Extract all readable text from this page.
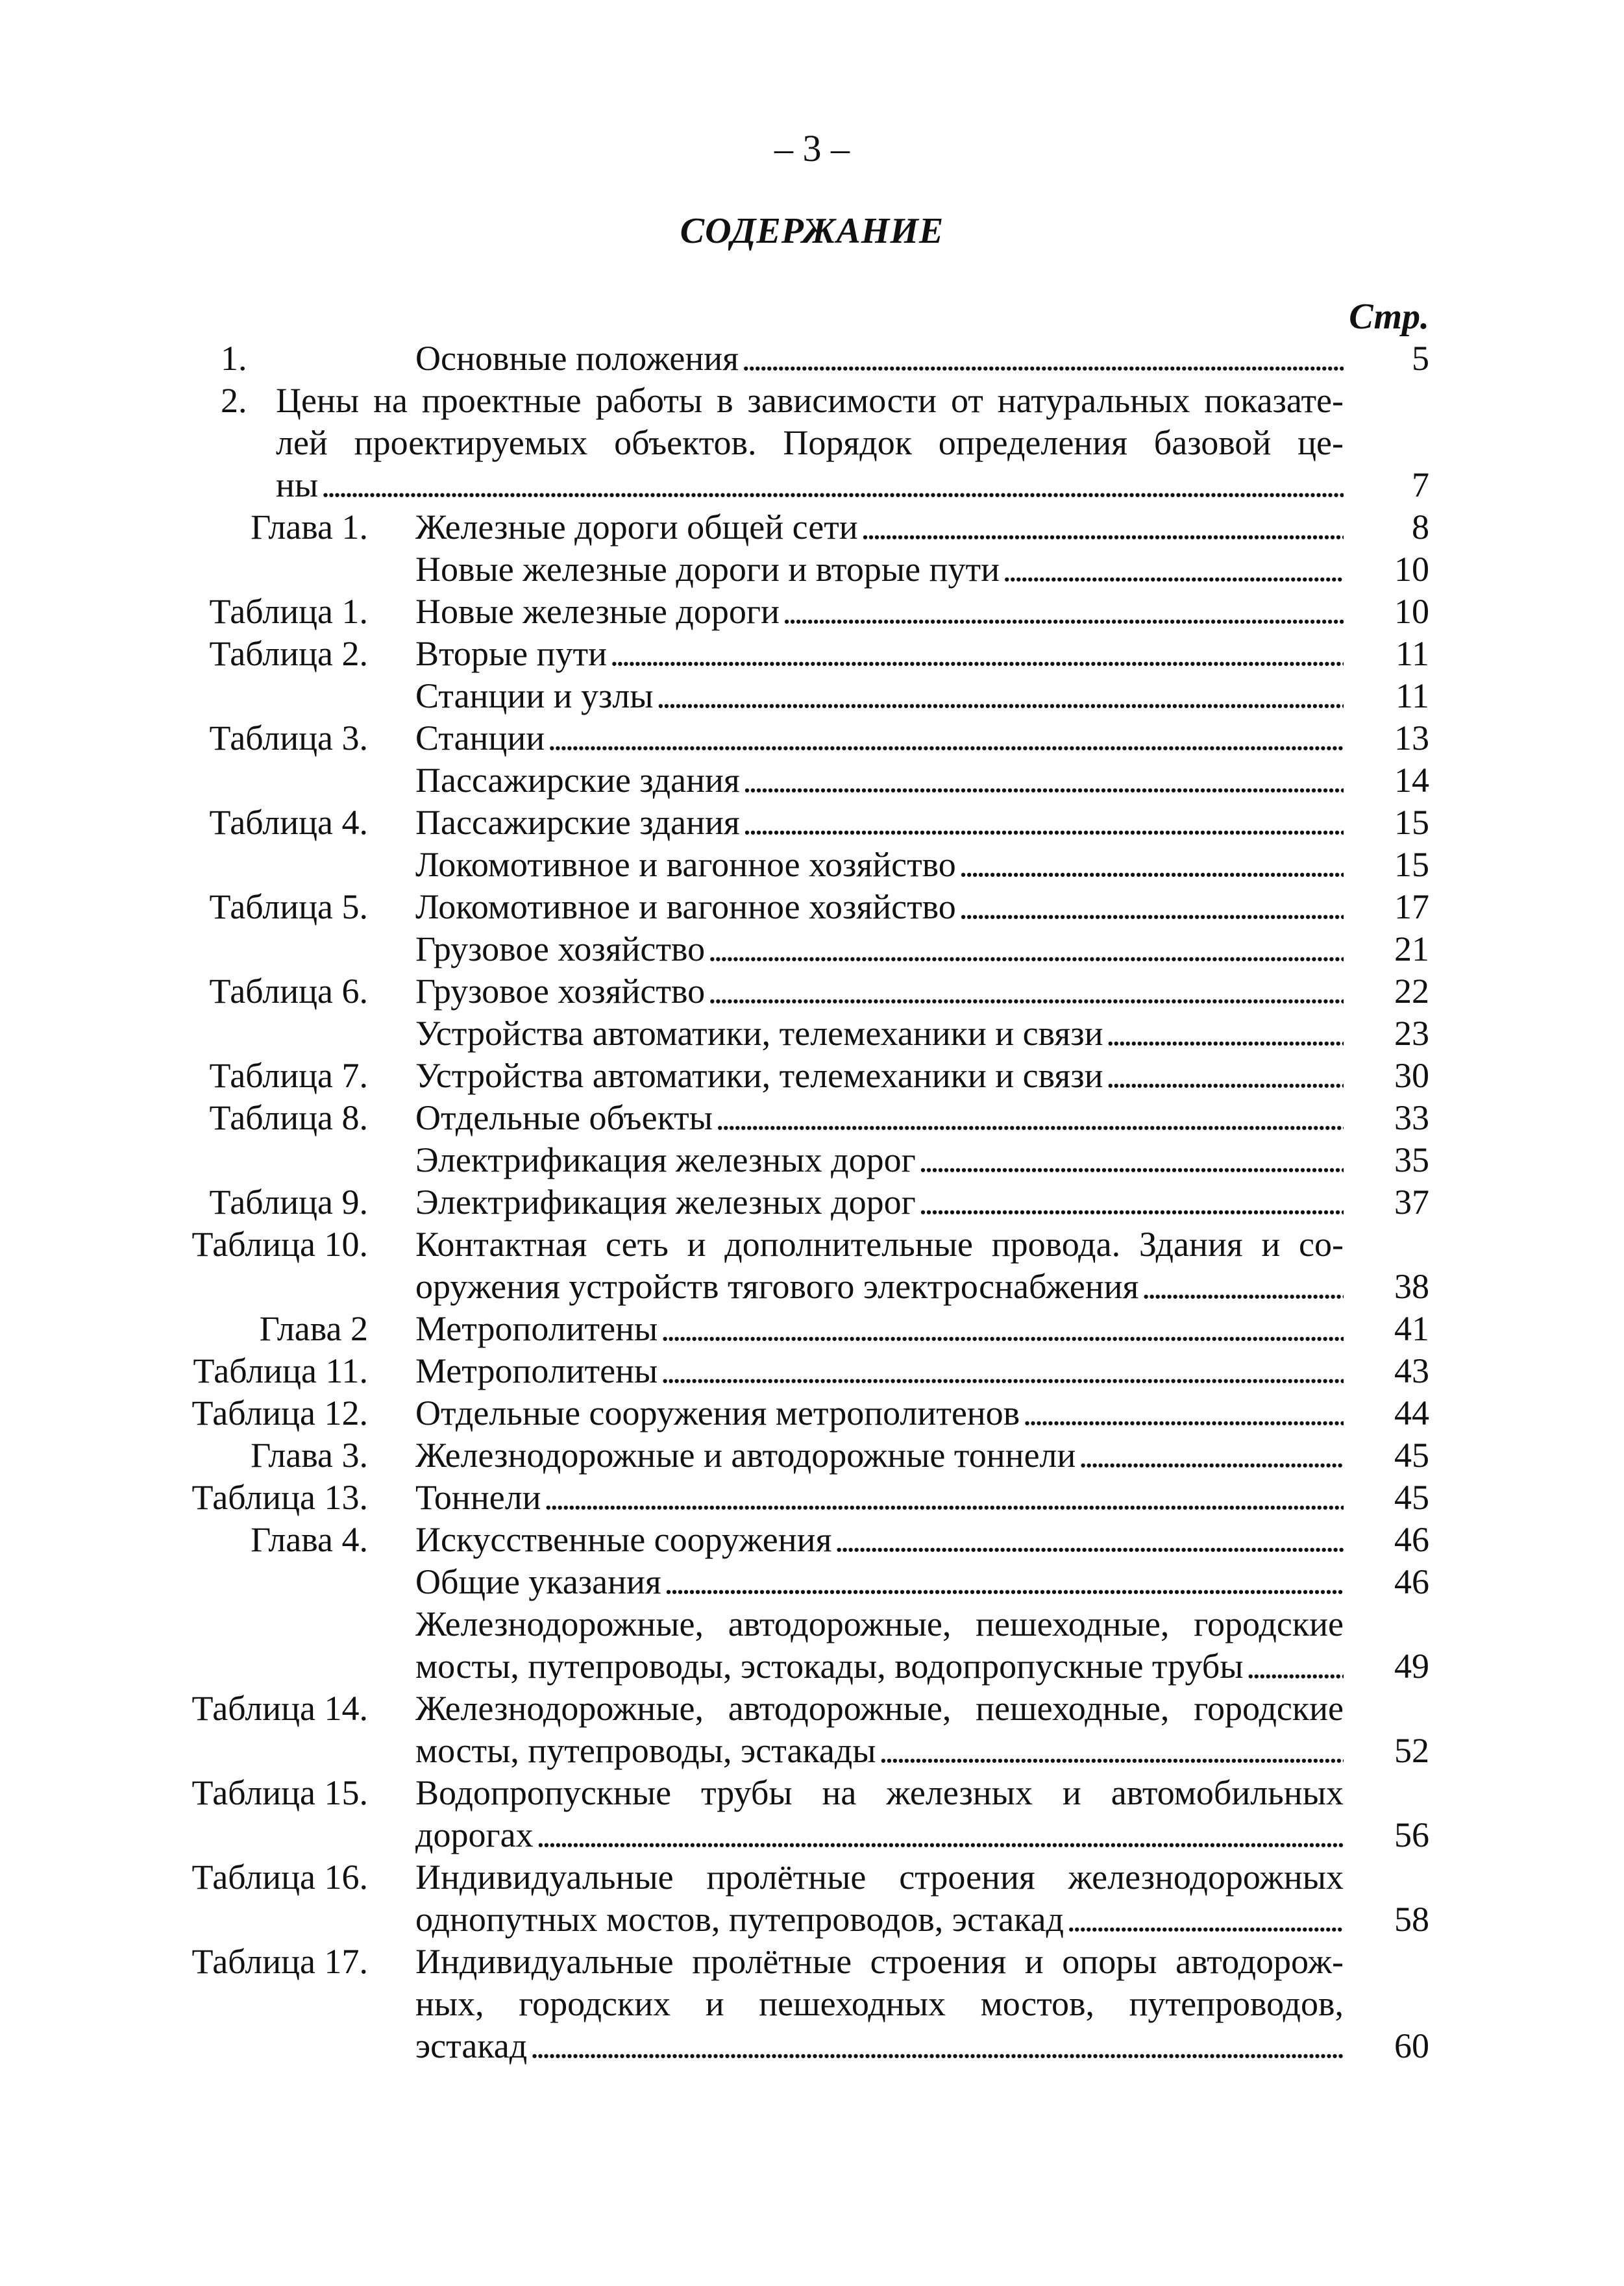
– 3 –
СОДЕРЖАНИЕ
Стр.
1.	Основные положения . . .	5
2. Цены на проектные работы в зависимости от натуральных показате-
лей проектируемых объектов. Порядок определения базовой це-
ны . . .	7
Глава 1. Железные дороги общей сети . . .	8
Новые железные дороги и вторые пути . . .	10
Таблица 1. Новые железные дороги . . .	10
Таблица 2. Вторые пути . . .	11
Станции и узлы . . .	11
Таблица 3. Станции . . .	13
Пассажирские здания . . .	14
Таблица 4. Пассажирские здания . . .	15
Локомотивное и вагонное хозяйство . . .	15
Таблица 5. Локомотивное и вагонное хозяйство . . .	17
Грузовое хозяйство . . .	21
Таблица 6. Грузовое хозяйство . . .	22
Устройства автоматики, телемеханики и связи . . .	23
Таблица 7. Устройства автоматики, телемеханики и связи . . .	30
Таблица 8. Отдельные объекты . . .	33
Электрификация железных дорог . . .	35
Таблица 9. Электрификация железных дорог . . .	37
Таблица 10. Контактная сеть и дополнительные провода. Здания и со-
оружения устройств тягового электроснабжения . . .	38
Глава 2 Метрополитены . . .	41
Таблица 11. Метрополитены . . .	43
Таблица 12. Отдельные сооружения метрополитенов . . .	44
Глава 3. Железнодорожные и автодорожные тоннели . . .	45
Таблица 13. Тоннели . . .	45
Глава 4. Искусственные сооружения . . .	46
Общие указания . . .	46
Железнодорожные, автодорожные, пешеходные, городские
мосты, путепроводы, эстокады, водопропускные трубы . . .	49
Таблица 14. Железнодорожные, автодорожные, пешеходные, городские
мосты, путепроводы, эстакады . . .	52
Таблица 15. Водопропускные трубы на железных и автомобильных
дорогах . . .	56
Таблица 16. Индивидуальные пролётные строения железнодорожных
однопутных мостов, путепроводов, эстакад . . .	58
Таблица 17. Индивидуальные пролётные строения и опоры автодорож-
ных, городских и пешеходных мостов, путепроводов,
эстакад . . .	60
